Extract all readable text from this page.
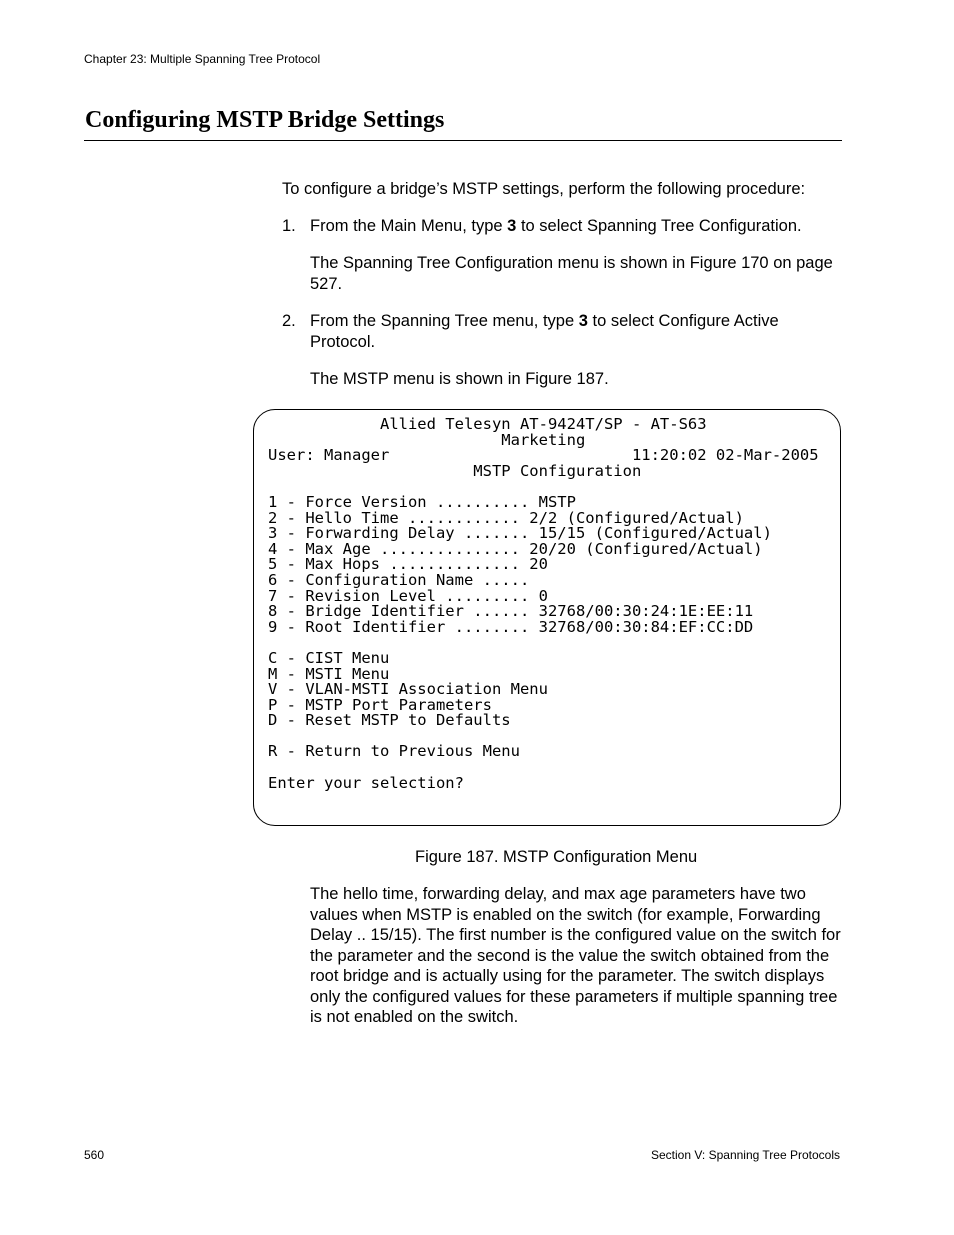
Chapter 23: Multiple Spanning Tree Protocol
Configuring MSTP Bridge Settings
To configure a bridge’s MSTP settings, perform the following procedure:
1. From the Main Menu, type 3 to select Spanning Tree Configuration.
The Spanning Tree Configuration menu is shown in Figure 170 on page 527.
2. From the Spanning Tree menu, type 3 to select Configure Active Protocol.
The MSTP menu is shown in Figure 187.
Allied Telesyn AT-9424T/SP - AT-S63
Marketing
User: Manager                          11:20:02 02-Mar-2005
MSTP Configuration

1 - Force Version .......... MSTP
2 - Hello Time ............ 2/2 (Configured/Actual)
3 - Forwarding Delay ....... 15/15 (Configured/Actual)
4 - Max Age ............... 20/20 (Configured/Actual)
5 - Max Hops .............. 20
6 - Configuration Name .....
7 - Revision Level ......... 0
8 - Bridge Identifier ...... 32768/00:30:24:1E:EE:11
9 - Root Identifier ........ 32768/00:30:84:EF:CC:DD

C - CIST Menu
M - MSTI Menu
V - VLAN-MSTI Association Menu
P - MSTP Port Parameters
D - Reset MSTP to Defaults

R - Return to Previous Menu

Enter your selection?
Figure 187. MSTP Configuration Menu
The hello time, forwarding delay, and max age parameters have two values when MSTP is enabled on the switch (for example, Forwarding Delay .. 15/15). The first number is the configured value on the switch for the parameter and the second is the value the switch obtained from the root bridge and is actually using for the parameter. The switch displays only the configured values for these parameters if multiple spanning tree is not enabled on the switch.
560	Section V: Spanning Tree Protocols
